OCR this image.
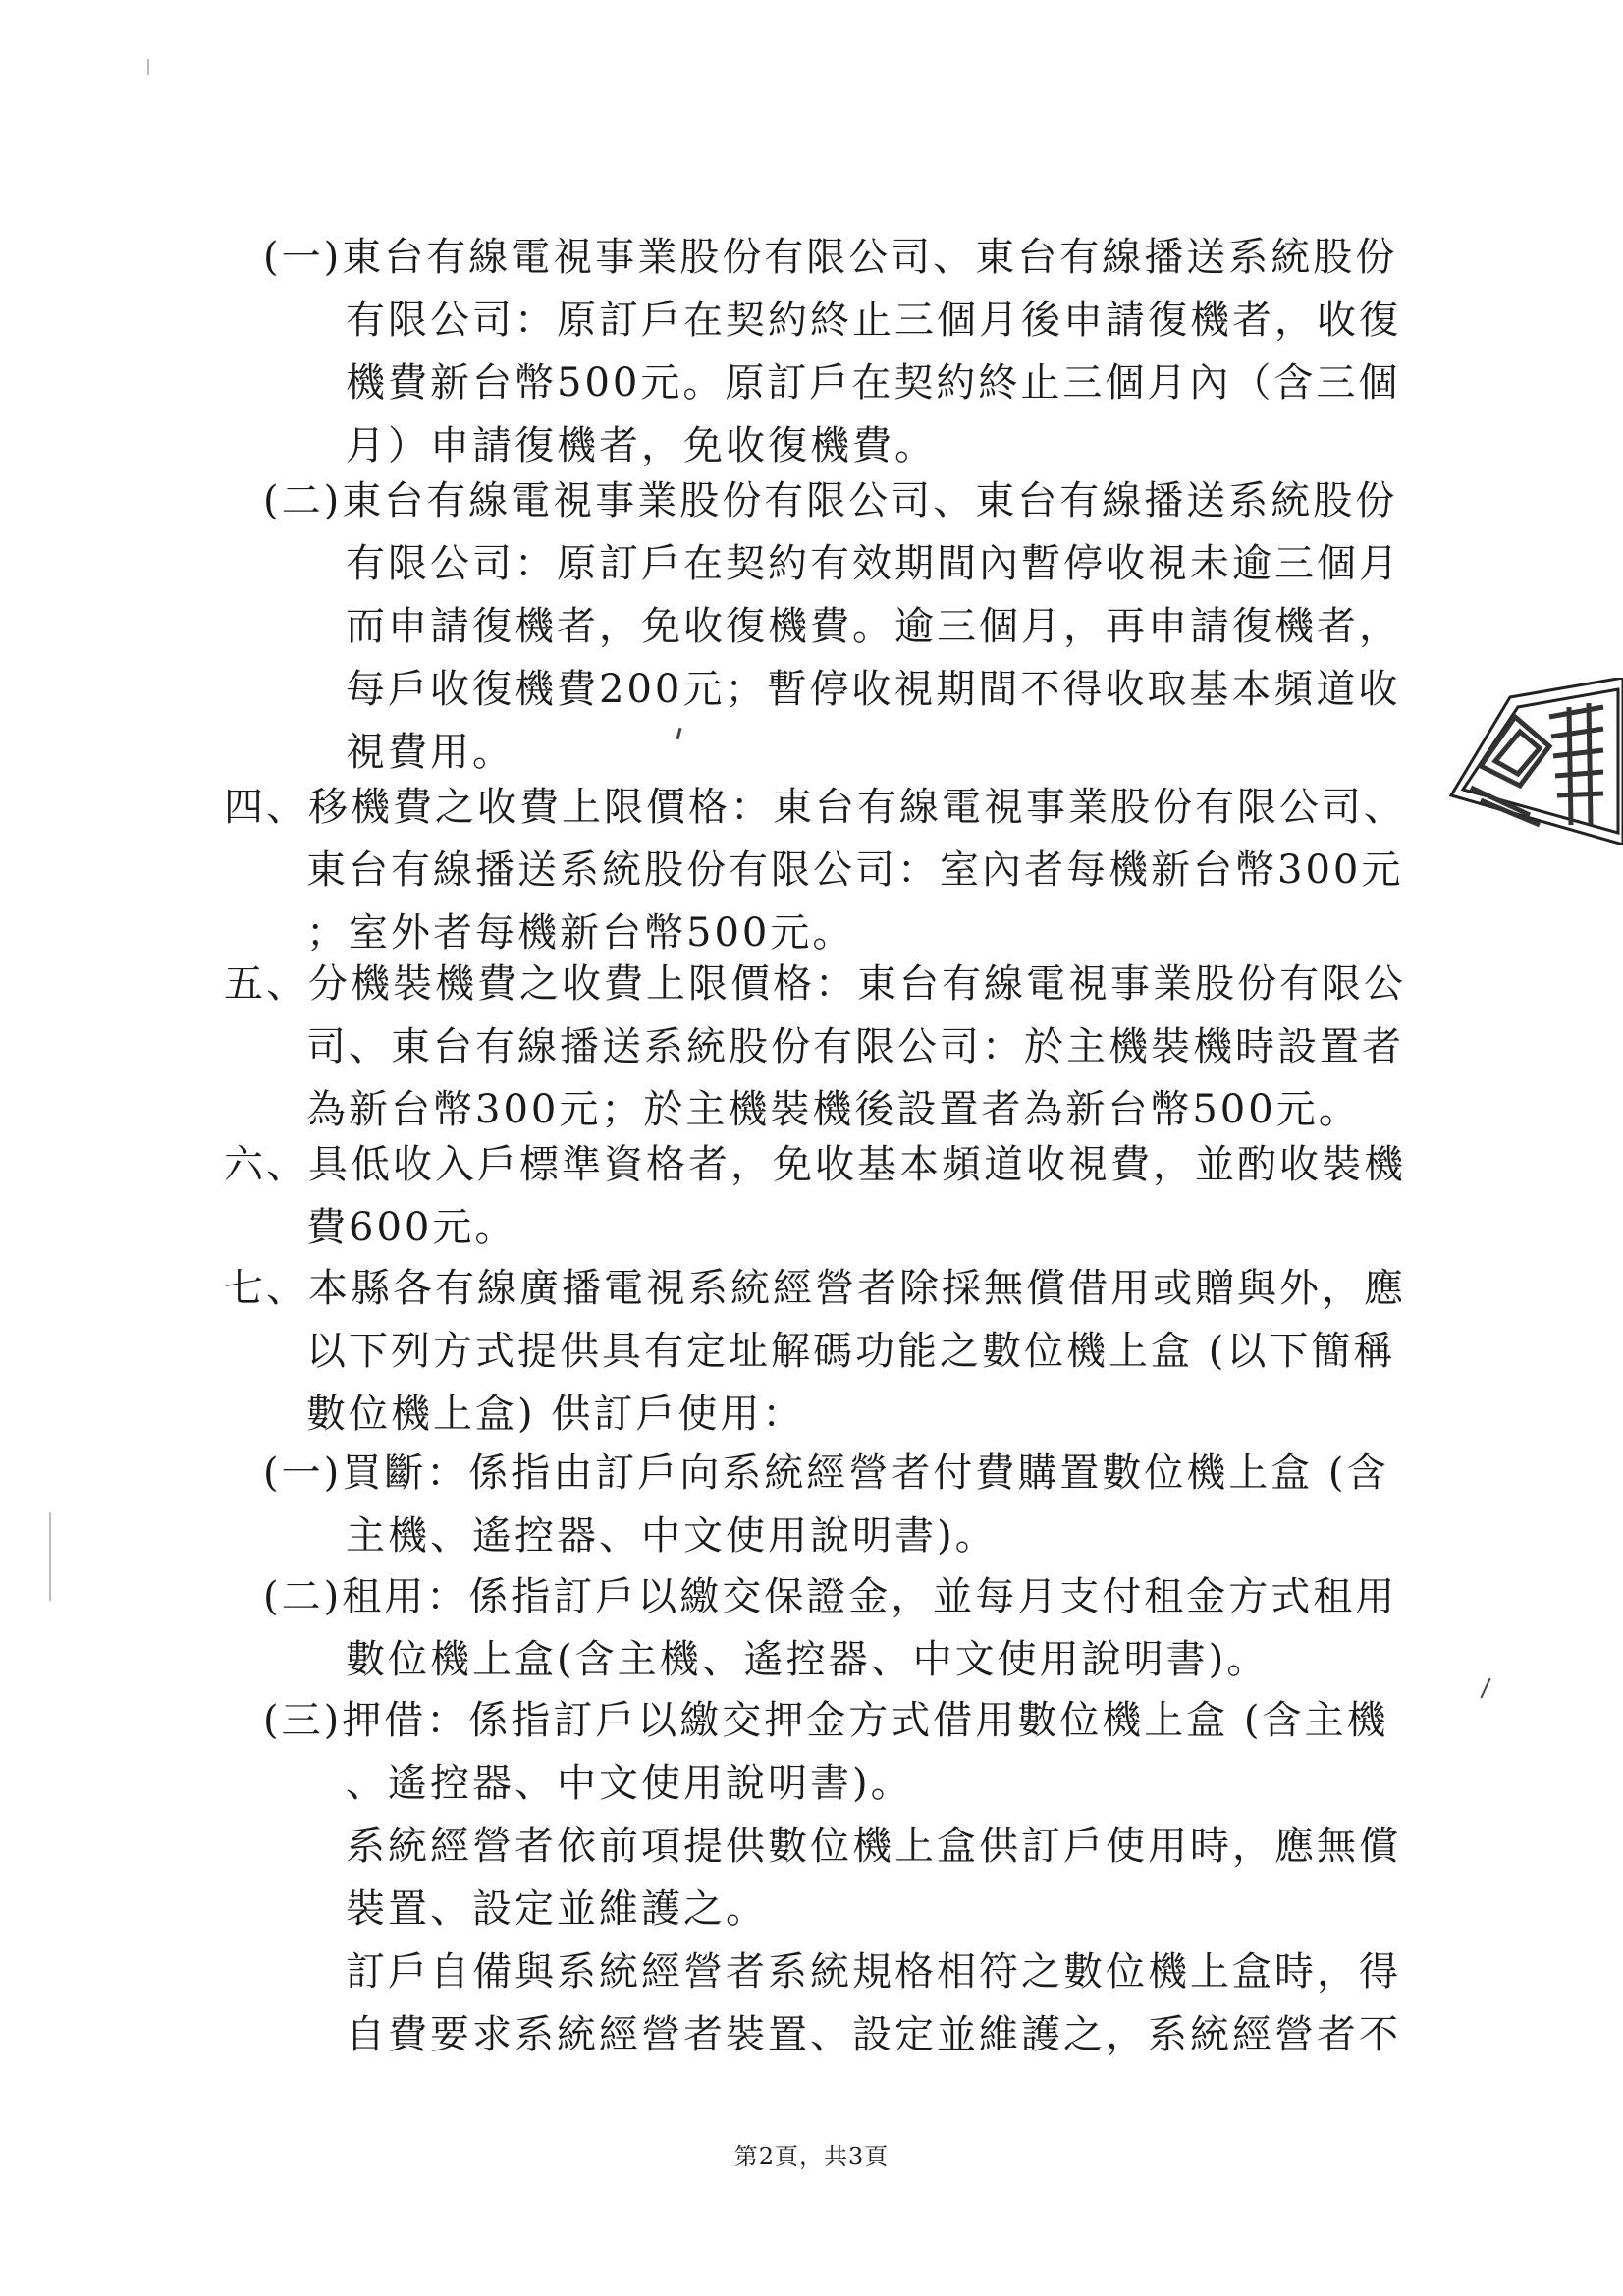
(一)東台有線電視事業股份有限公司、東台有線播送系統股份
有限公司：原訂戶在契約終止三個月後申請復機者，收復
機費新台幣500元。原訂戶在契約終止三個月內（含三個
月）申請復機者，免收復機費。
(二)東台有線電視事業股份有限公司、東台有線播送系統股份
有限公司：原訂戶在契約有效期間內暫停收視未逾三個月
而申請復機者，免收復機費。逾三個月，再申請復機者，
每戶收復機費200元；暫停收視期間不得收取基本頻道收
視費用。
四、移機費之收費上限價格：東台有線電視事業股份有限公司、
東台有線播送系統股份有限公司：室內者每機新台幣300元
；室外者每機新台幣500元。
五、分機裝機費之收費上限價格：東台有線電視事業股份有限公
司、東台有線播送系統股份有限公司：於主機裝機時設置者
為新台幣300元；於主機裝機後設置者為新台幣500元。
六、具低收入戶標準資格者，免收基本頻道收視費，並酌收裝機
費600元。
七、本縣各有線廣播電視系統經營者除採無償借用或贈與外，應
以下列方式提供具有定址解碼功能之數位機上盒 (以下簡稱
數位機上盒) 供訂戶使用：
(一)買斷：係指由訂戶向系統經營者付費購置數位機上盒 (含
主機、遙控器、中文使用說明書)。
(二)租用：係指訂戶以繳交保證金，並每月支付租金方式租用
數位機上盒(含主機、遙控器、中文使用說明書)。
(三)押借：係指訂戶以繳交押金方式借用數位機上盒 (含主機
、遙控器、中文使用說明書)。
系統經營者依前項提供數位機上盒供訂戶使用時，應無償
裝置、設定並維護之。
訂戶自備與系統經營者系統規格相符之數位機上盒時，得
自費要求系統經營者裝置、設定並維護之，系統經營者不
第2頁，共3頁
